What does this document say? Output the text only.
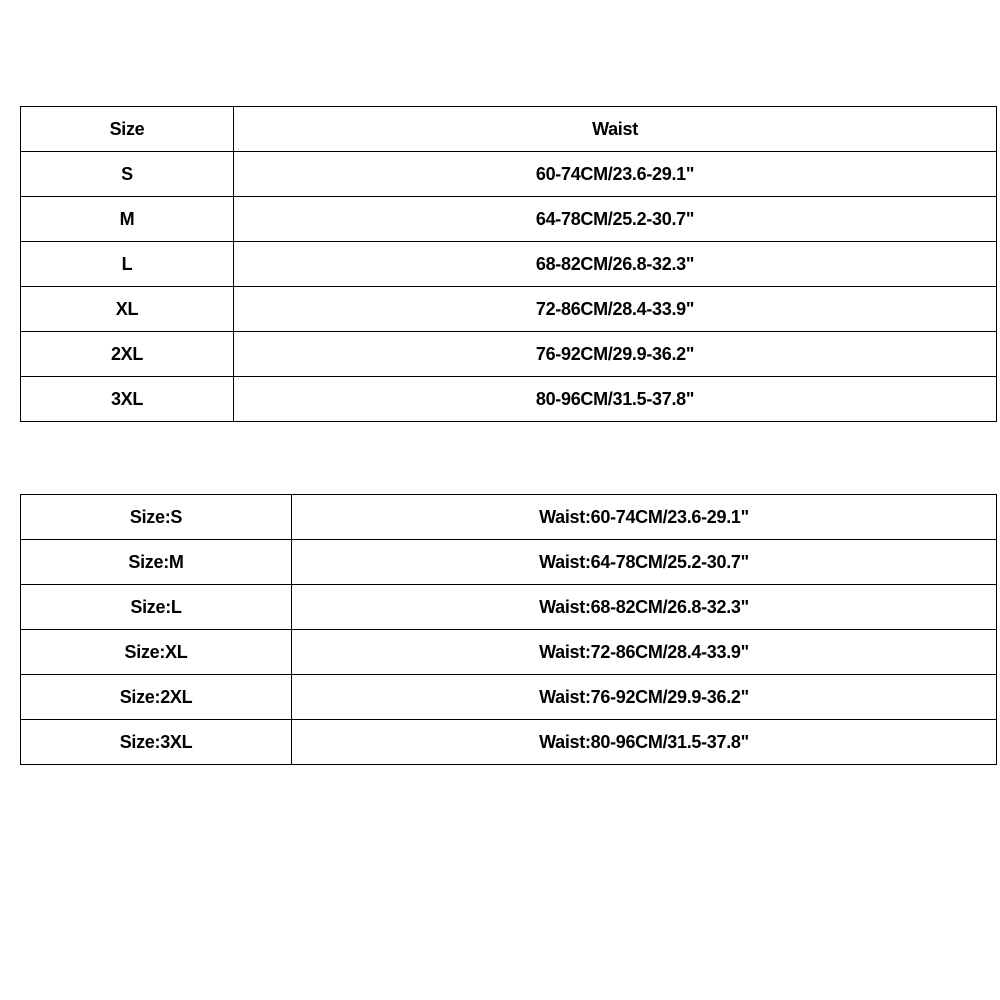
Size	Waist
S	60-74CM/23.6-29.1"
M	64-78CM/25.2-30.7"
L	68-82CM/26.8-32.3"
XL	72-86CM/28.4-33.9"
2XL	76-92CM/29.9-36.2"
3XL	80-96CM/31.5-37.8"
Size:S	Waist:60-74CM/23.6-29.1"
Size:M	Waist:64-78CM/25.2-30.7"
Size:L	Waist:68-82CM/26.8-32.3"
Size:XL	Waist:72-86CM/28.4-33.9"
Size:2XL	Waist:76-92CM/29.9-36.2"
Size:3XL	Waist:80-96CM/31.5-37.8"
